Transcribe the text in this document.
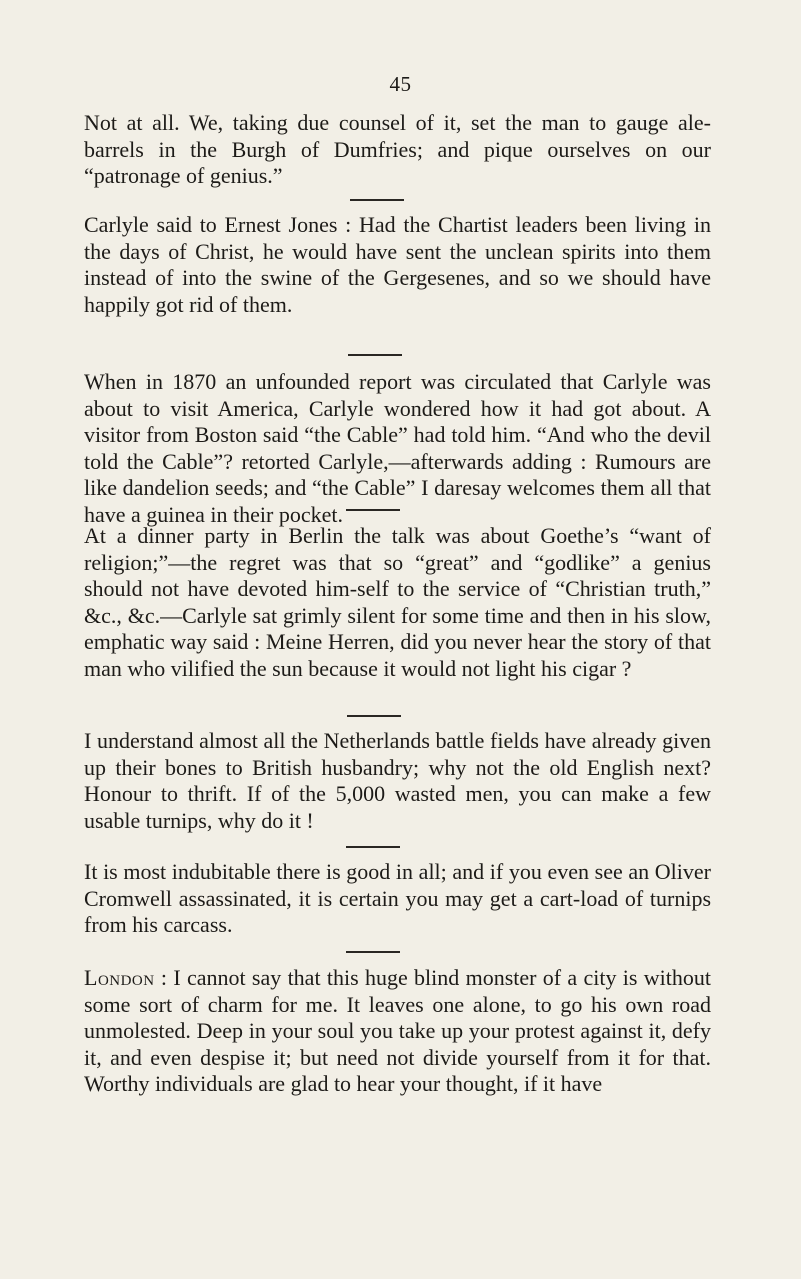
45

Not at all. We, taking due counsel of it, set the man to gauge ale-barrels in the Burgh of Dumfries; and pique ourselves on our “patronage of genius.”

Carlyle said to Ernest Jones : Had the Chartist leaders been living in the days of Christ, he would have sent the unclean spirits into them instead of into the swine of the Gergesenes, and so we should have happily got rid of them.

When in 1870 an unfounded report was circulated that Carlyle was about to visit America, Carlyle wondered how it had got about. A visitor from Boston said “the Cable” had told him. “And who the devil told the Cable”? retorted Carlyle,—afterwards adding : Rumours are like dandelion seeds; and “the Cable” I daresay welcomes them all that have a guinea in their pocket.

At a dinner party in Berlin the talk was about Goethe’s “want of religion;”—the regret was that so “great” and “godlike” a genius should not have devoted him-self to the service of “Christian truth,” &c., &c.—Carlyle sat grimly silent for some time and then in his slow, emphatic way said : Meine Herren, did you never hear the story of that man who vilified the sun because it would not light his cigar ?

I understand almost all the Netherlands battle fields have already given up their bones to British husbandry; why not the old English next? Honour to thrift. If of the 5,000 wasted men, you can make a few usable turnips, why do it !

It is most indubitable there is good in all; and if you even see an Oliver Cromwell assassinated, it is certain you may get a cart-load of turnips from his carcass.

London : I cannot say that this huge blind monster of a city is without some sort of charm for me. It leaves one alone, to go his own road unmolested. Deep in your soul you take up your protest against it, defy it, and even despise it; but need not divide yourself from it for that. Worthy individuals are glad to hear your thought, if it have
